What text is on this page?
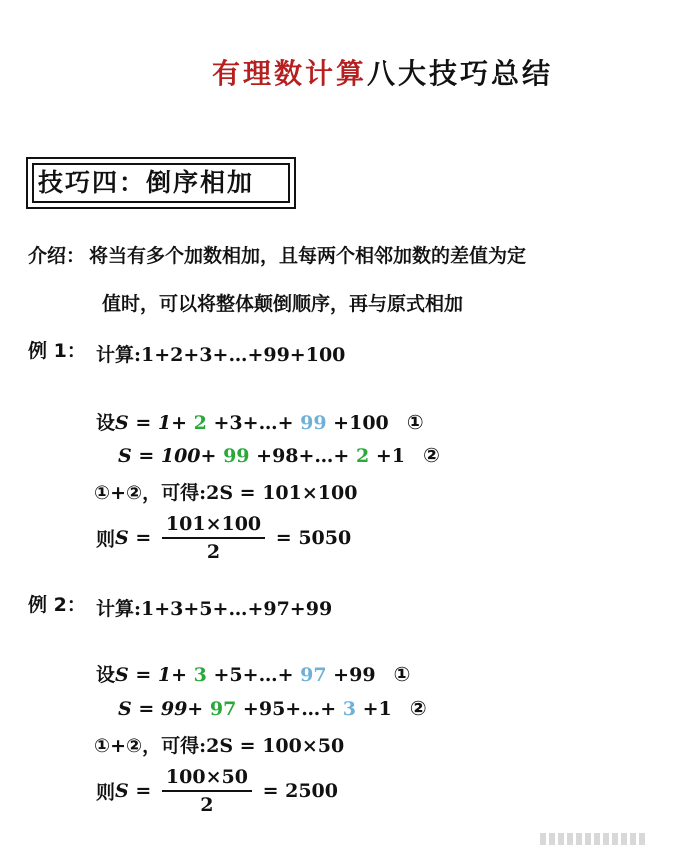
有理数计算八大技巧总结
技巧四：倒序相加
介绍： 将当有多个加数相加，且每两个相邻加数的差值为定
值时，可以将整体颠倒顺序，再与原式相加
例 1： 计算:1+2+3+…+99+100
设S = 1+ 2 +3+…+ 99 +100 ①
S = 100+ 99 +98+…+ 2 +1 ②
①+②，可得:2S = 101×100
则$S = \frac{101\times 100}{2} = 5050$
例 2： 计算:1+3+5+…+97+99
设S = 1+ 3 +5+…+ 97 +99 ①
S = 99+ 97 +95+…+ 3 +1 ②
①+②，可得:2S = 100×50
则$S = \frac{100\times 50}{2} = 2500$
